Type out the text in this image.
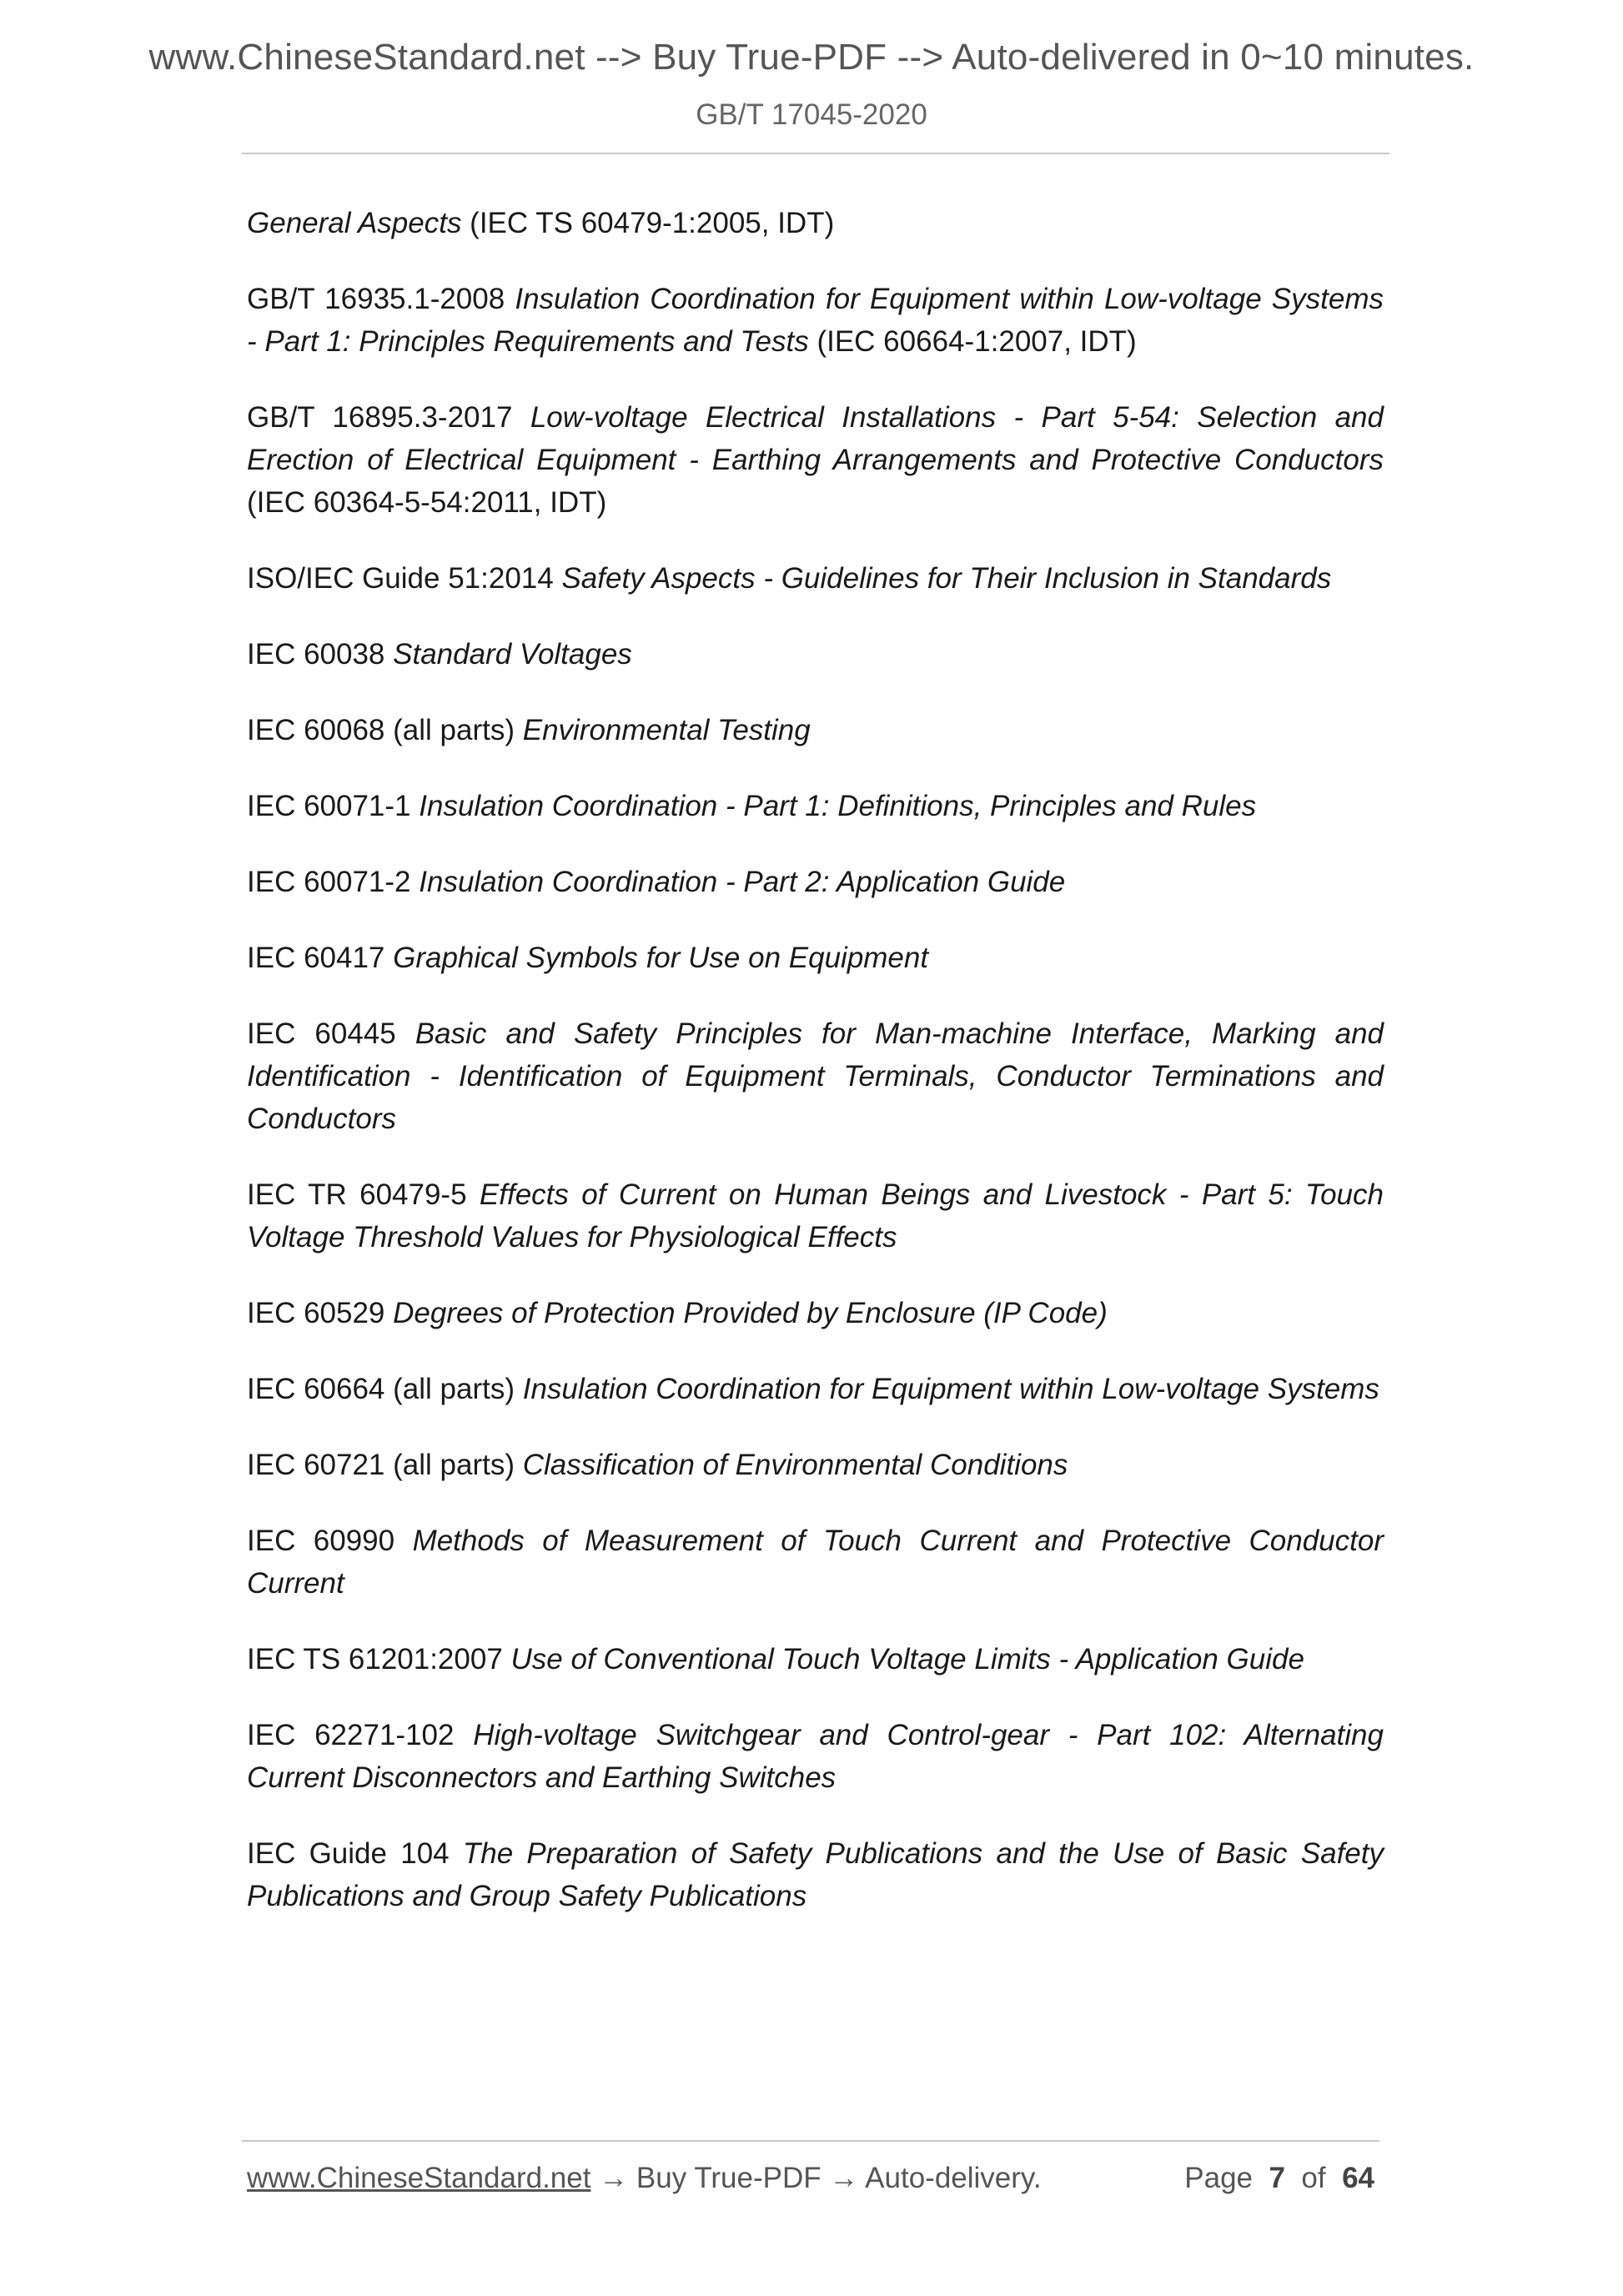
www.ChineseStandard.net --> Buy True-PDF --> Auto-delivered in 0~10 minutes.
GB/T 17045-2020
General Aspects (IEC TS 60479-1:2005, IDT)
GB/T 16935.1-2008 Insulation Coordination for Equipment within Low-voltage Systems - Part 1: Principles Requirements and Tests (IEC 60664-1:2007, IDT)
GB/T 16895.3-2017 Low-voltage Electrical Installations - Part 5-54: Selection and Erection of Electrical Equipment - Earthing Arrangements and Protective Conductors (IEC 60364-5-54:2011, IDT)
ISO/IEC Guide 51:2014 Safety Aspects - Guidelines for Their Inclusion in Standards
IEC 60038 Standard Voltages
IEC 60068 (all parts) Environmental Testing
IEC 60071-1 Insulation Coordination - Part 1: Definitions, Principles and Rules
IEC 60071-2 Insulation Coordination - Part 2: Application Guide
IEC 60417 Graphical Symbols for Use on Equipment
IEC 60445 Basic and Safety Principles for Man-machine Interface, Marking and Identification - Identification of Equipment Terminals, Conductor Terminations and Conductors
IEC TR 60479-5 Effects of Current on Human Beings and Livestock - Part 5: Touch Voltage Threshold Values for Physiological Effects
IEC 60529 Degrees of Protection Provided by Enclosure (IP Code)
IEC 60664 (all parts) Insulation Coordination for Equipment within Low-voltage Systems
IEC 60721 (all parts) Classification of Environmental Conditions
IEC 60990 Methods of Measurement of Touch Current and Protective Conductor Current
IEC TS 61201:2007 Use of Conventional Touch Voltage Limits - Application Guide
IEC 62271-102 High-voltage Switchgear and Control-gear - Part 102: Alternating Current Disconnectors and Earthing Switches
IEC Guide 104 The Preparation of Safety Publications and the Use of Basic Safety Publications and Group Safety Publications
www.ChineseStandard.net → Buy True-PDF → Auto-delivery.	Page 7 of 64
